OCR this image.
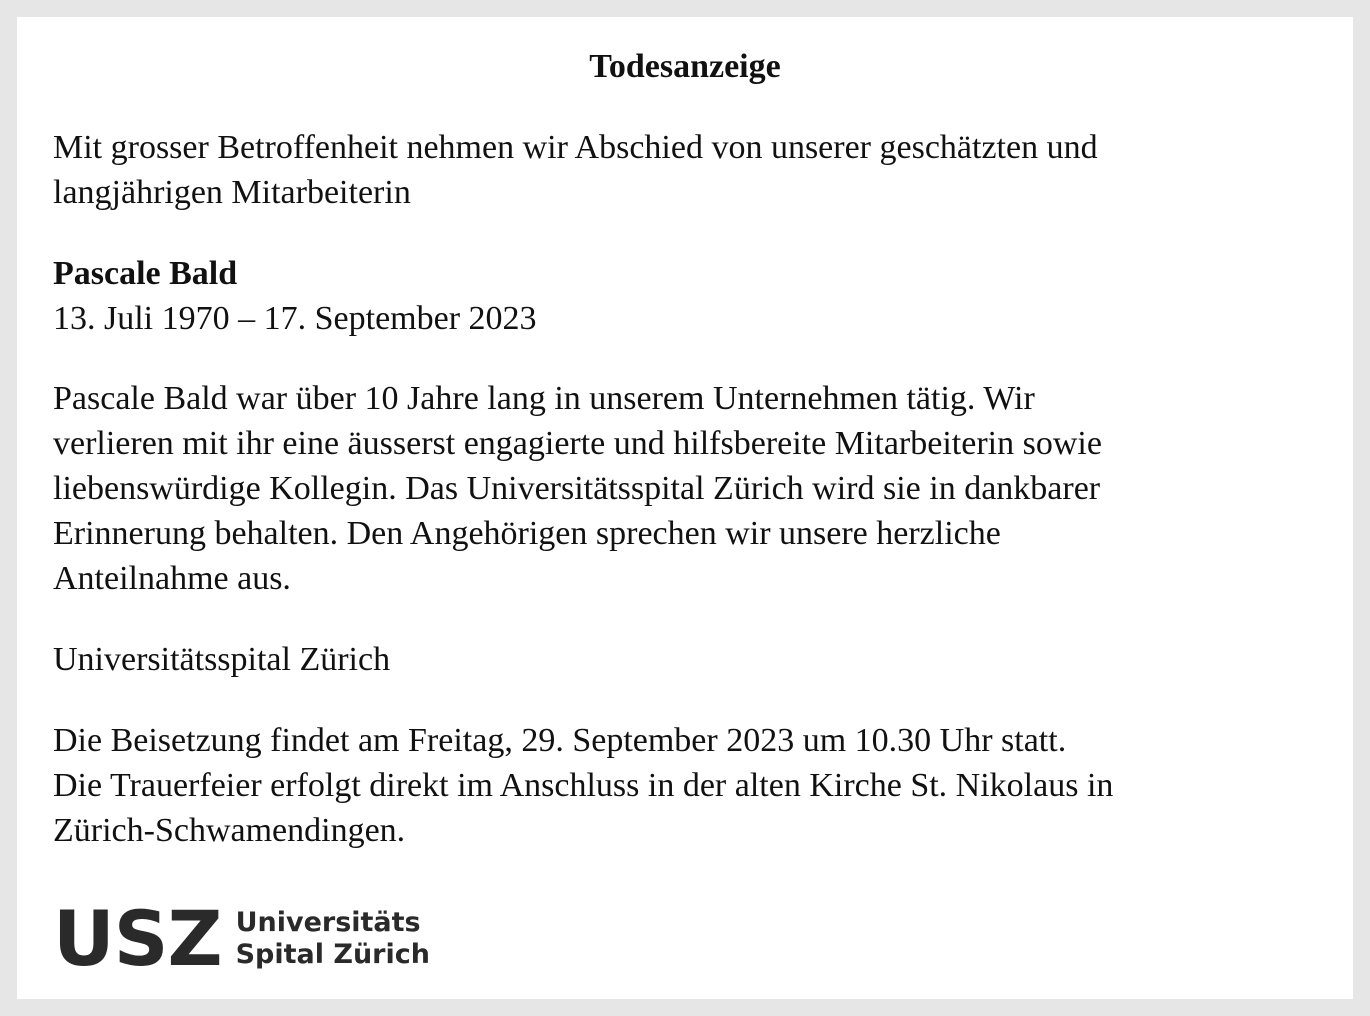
Todesanzeige

Mit grosser Betroffenheit nehmen wir Abschied von unserer geschätzten und
langjährigen Mitarbeiterin

Pascale Bald
13. Juli 1970 – 17. September 2023

Pascale Bald war über 10 Jahre lang in unserem Unternehmen tätig. Wir
verlieren mit ihr eine äusserst engagierte und hilfsbereite Mitarbeiterin sowie
liebenswürdige Kollegin. Das Universitätsspital Zürich wird sie in dankbarer
Erinnerung behalten. Den Angehörigen sprechen wir unsere herzliche
Anteilnahme aus.

Universitätsspital Zürich

Die Beisetzung findet am Freitag, 29. September 2023 um 10.30 Uhr statt.
Die Trauerfeier erfolgt direkt im Anschluss in der alten Kirche St. Nikolaus in
Zürich-Schwamendingen.

USZ Universitäts
Spital Zürich
